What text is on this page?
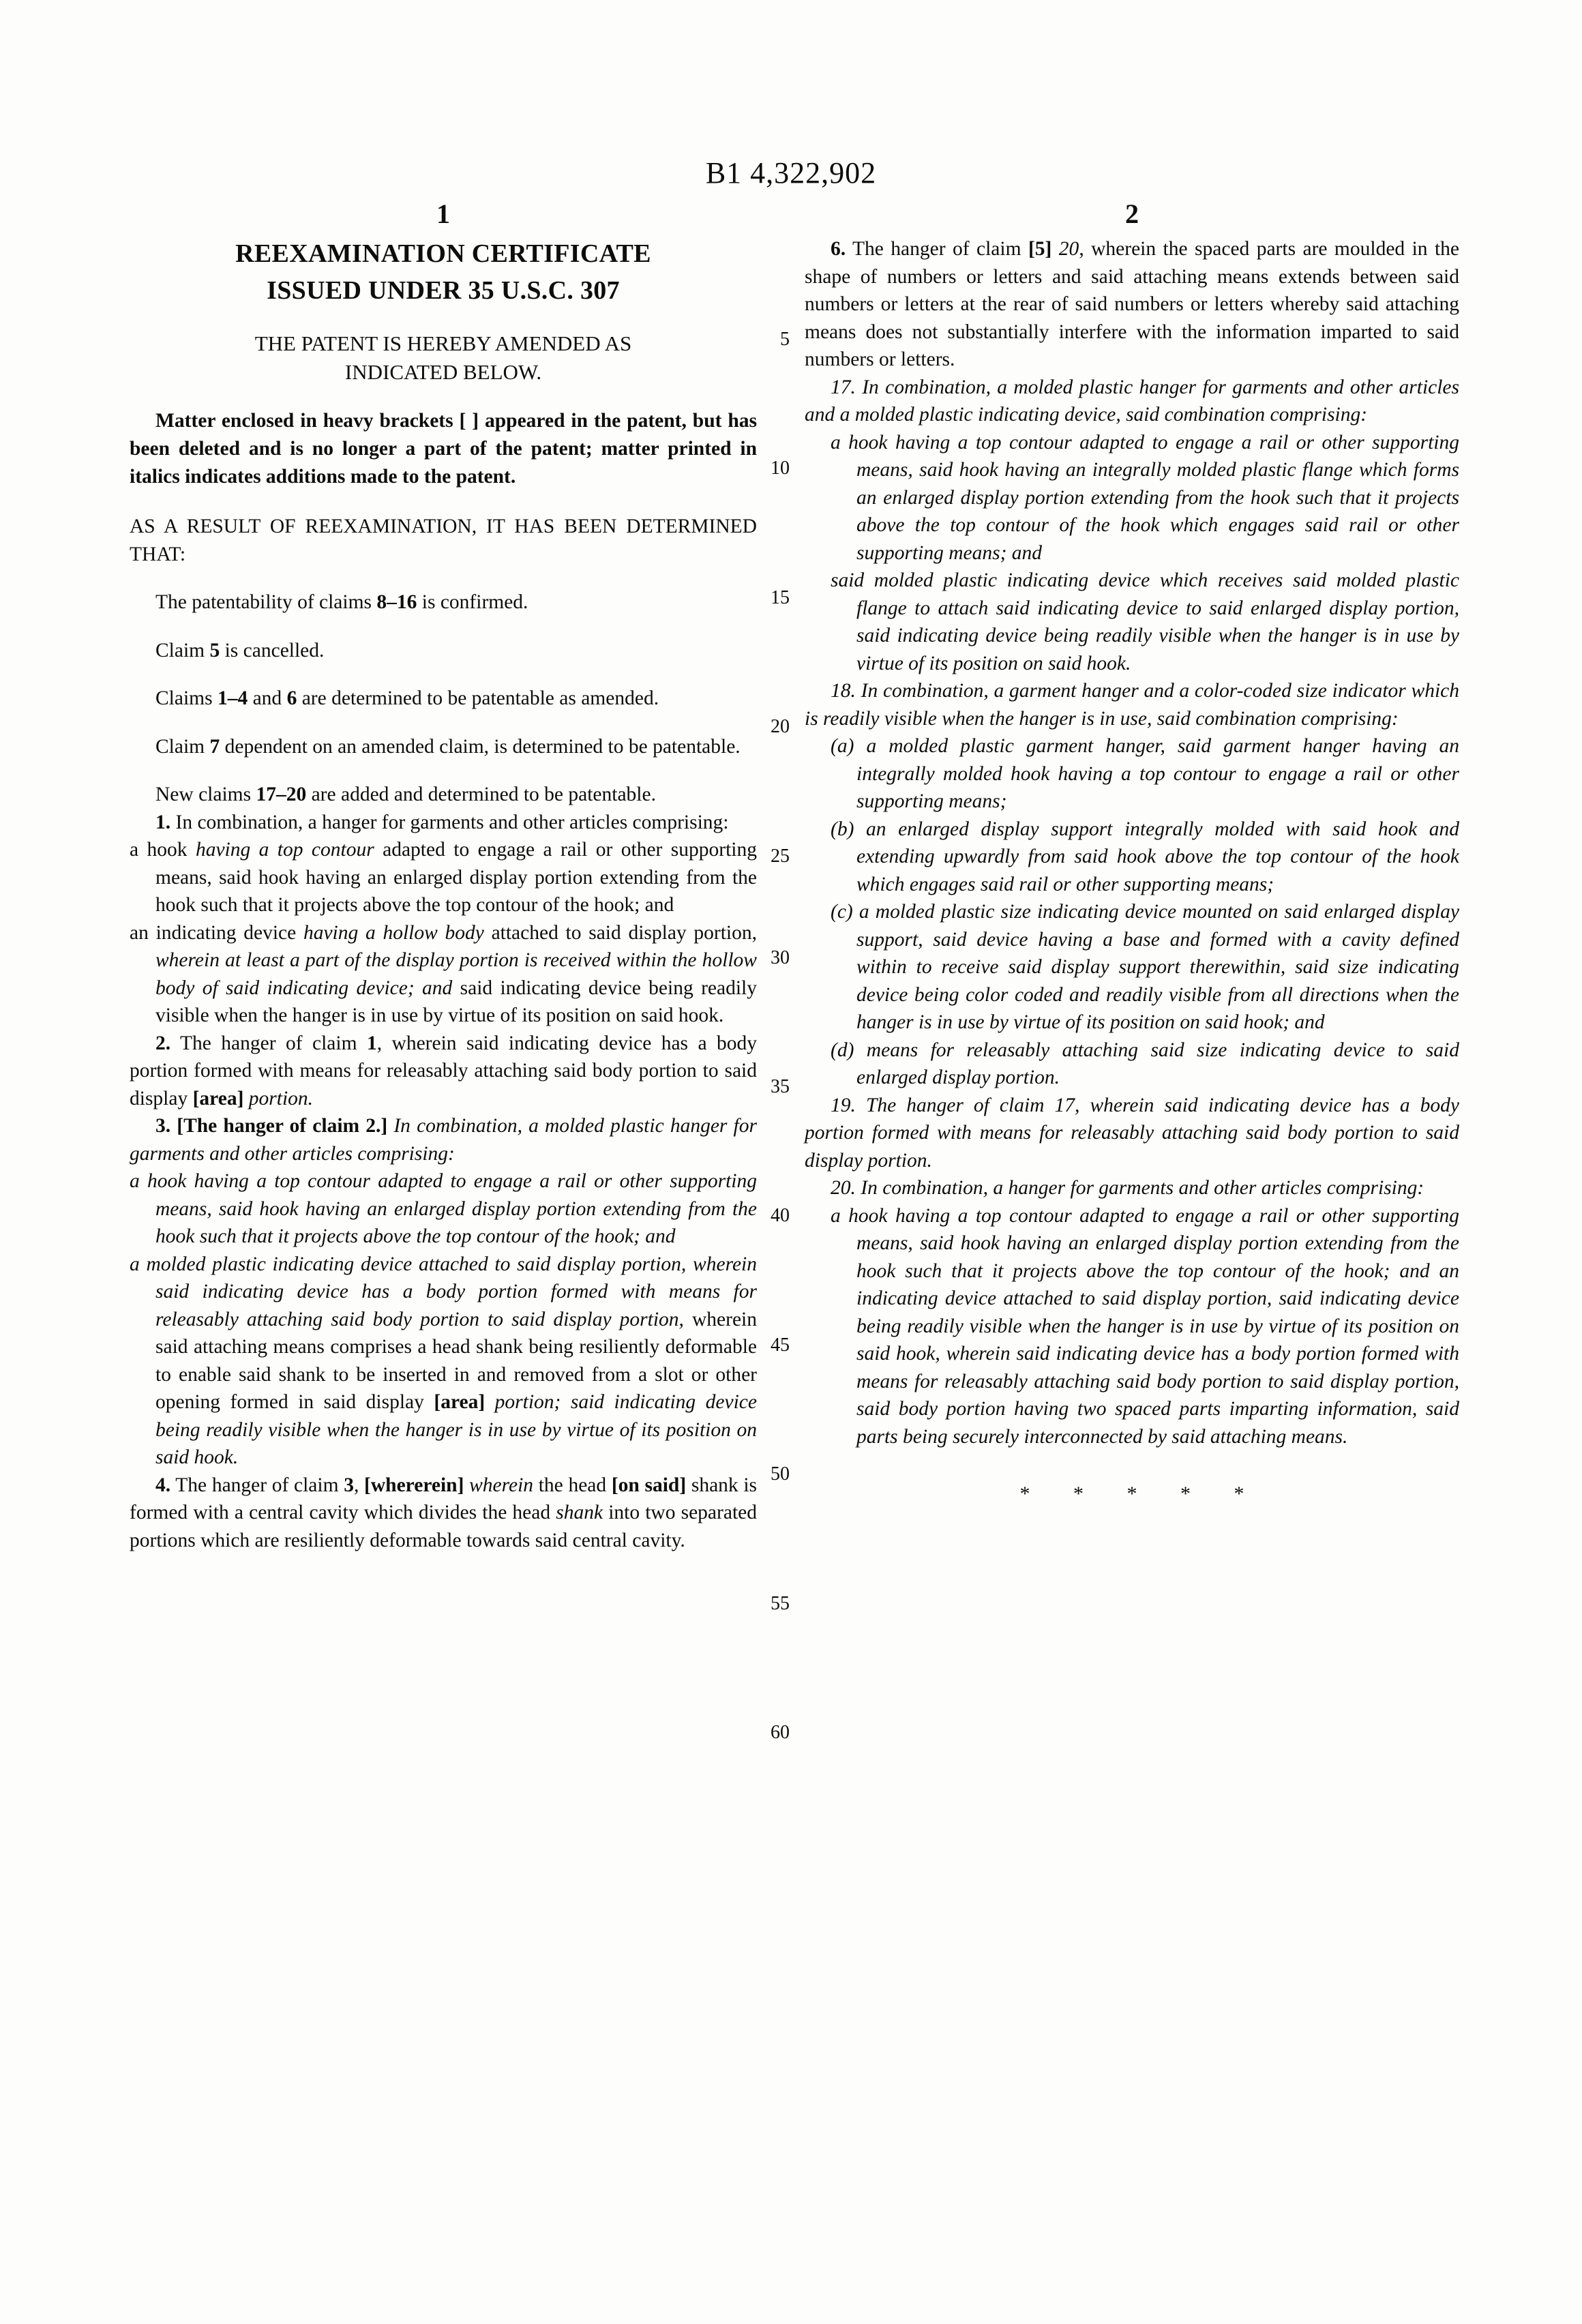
B1 4,322,902
1	2
5
10
15
20
25
30
35
40
45
50
55
60
REEXAMINATION CERTIFICATE
ISSUED UNDER 35 U.S.C. 307
THE PATENT IS HEREBY AMENDED AS
INDICATED BELOW.

Matter enclosed in heavy brackets [ ] appeared in the patent, but has been deleted and is no longer a part of the patent; matter printed in italics indicates additions made to the patent.

AS A RESULT OF REEXAMINATION, IT HAS BEEN DETERMINED THAT:

The patentability of claims 8–16 is confirmed.

Claim 5 is cancelled.

Claims 1–4 and 6 are determined to be patentable as amended.

Claim 7 dependent on an amended claim, is determined to be patentable.

New claims 17–20 are added and determined to be patentable.

1. In combination, a hanger for garments and other articles comprising:

a hook having a top contour adapted to engage a rail or other supporting means, said hook having an enlarged display portion extending from the hook such that it projects above the top contour of the hook; and

an indicating device having a hollow body attached to said display portion, wherein at least a part of the display portion is received within the hollow body of said indicating device; and said indicating device being readily visible when the hanger is in use by virtue of its position on said hook.

2. The hanger of claim 1, wherein said indicating device has a body portion formed with means for releasably attaching said body portion to said display [area] portion.

3. [The hanger of claim 2.] In combination, a molded plastic hanger for garments and other articles comprising:

a hook having a top contour adapted to engage a rail or other supporting means, said hook having an enlarged display portion extending from the hook such that it projects above the top contour of the hook; and

a molded plastic indicating device attached to said display portion, wherein said indicating device has a body portion formed with means for releasably attaching said body portion to said display portion, wherein said attaching means comprises a head shank being resiliently deformable to enable said shank to be inserted in and removed from a slot or other opening formed in said display [area] portion; said indicating device being readily visible when the hanger is in use by virtue of its position on said hook.

4. The hanger of claim 3, [whererein] wherein the head [on said] shank is formed with a central cavity which divides the head shank into two separated portions which are resiliently deformable towards said central cavity.

6. The hanger of claim [5] 20, wherein the spaced parts are moulded in the shape of numbers or letters and said attaching means extends between said numbers or letters at the rear of said numbers or letters whereby said attaching means does not substantially interfere with the information imparted to said numbers or letters.

17. In combination, a molded plastic hanger for garments and other articles and a molded plastic indicating device, said combination comprising:

a hook having a top contour adapted to engage a rail or other supporting means, said hook having an integrally molded plastic flange which forms an enlarged display portion extending from the hook such that it projects above the top contour of the hook which engages said rail or other supporting means; and

said molded plastic indicating device which receives said molded plastic flange to attach said indicating device to said enlarged display portion, said indicating device being readily visible when the hanger is in use by virtue of its position on said hook.

18. In combination, a garment hanger and a color-coded size indicator which is readily visible when the hanger is in use, said combination comprising:

(a) a molded plastic garment hanger, said garment hanger having an integrally molded hook having a top contour to engage a rail or other supporting means;

(b) an enlarged display support integrally molded with said hook and extending upwardly from said hook above the top contour of the hook which engages said rail or other supporting means;

(c) a molded plastic size indicating device mounted on said enlarged display support, said device having a base and formed with a cavity defined within to receive said display support therewithin, said size indicating device being color coded and readily visible from all directions when the hanger is in use by virtue of its position on said hook; and

(d) means for releasably attaching said size indicating device to said enlarged display portion.

19. The hanger of claim 17, wherein said indicating device has a body portion formed with means for releasably attaching said body portion to said display portion.

20. In combination, a hanger for garments and other articles comprising:

a hook having a top contour adapted to engage a rail or other supporting means, said hook having an enlarged display portion extending from the hook such that it projects above the top contour of the hook; and an indicating device attached to said display portion, said indicating device being readily visible when the hanger is in use by virtue of its position on said hook, wherein said indicating device has a body portion formed with means for releasably attaching said body portion to said display portion, said body portion having two spaced parts imparting information, said parts being securely interconnected by said attaching means.

* * * * *
